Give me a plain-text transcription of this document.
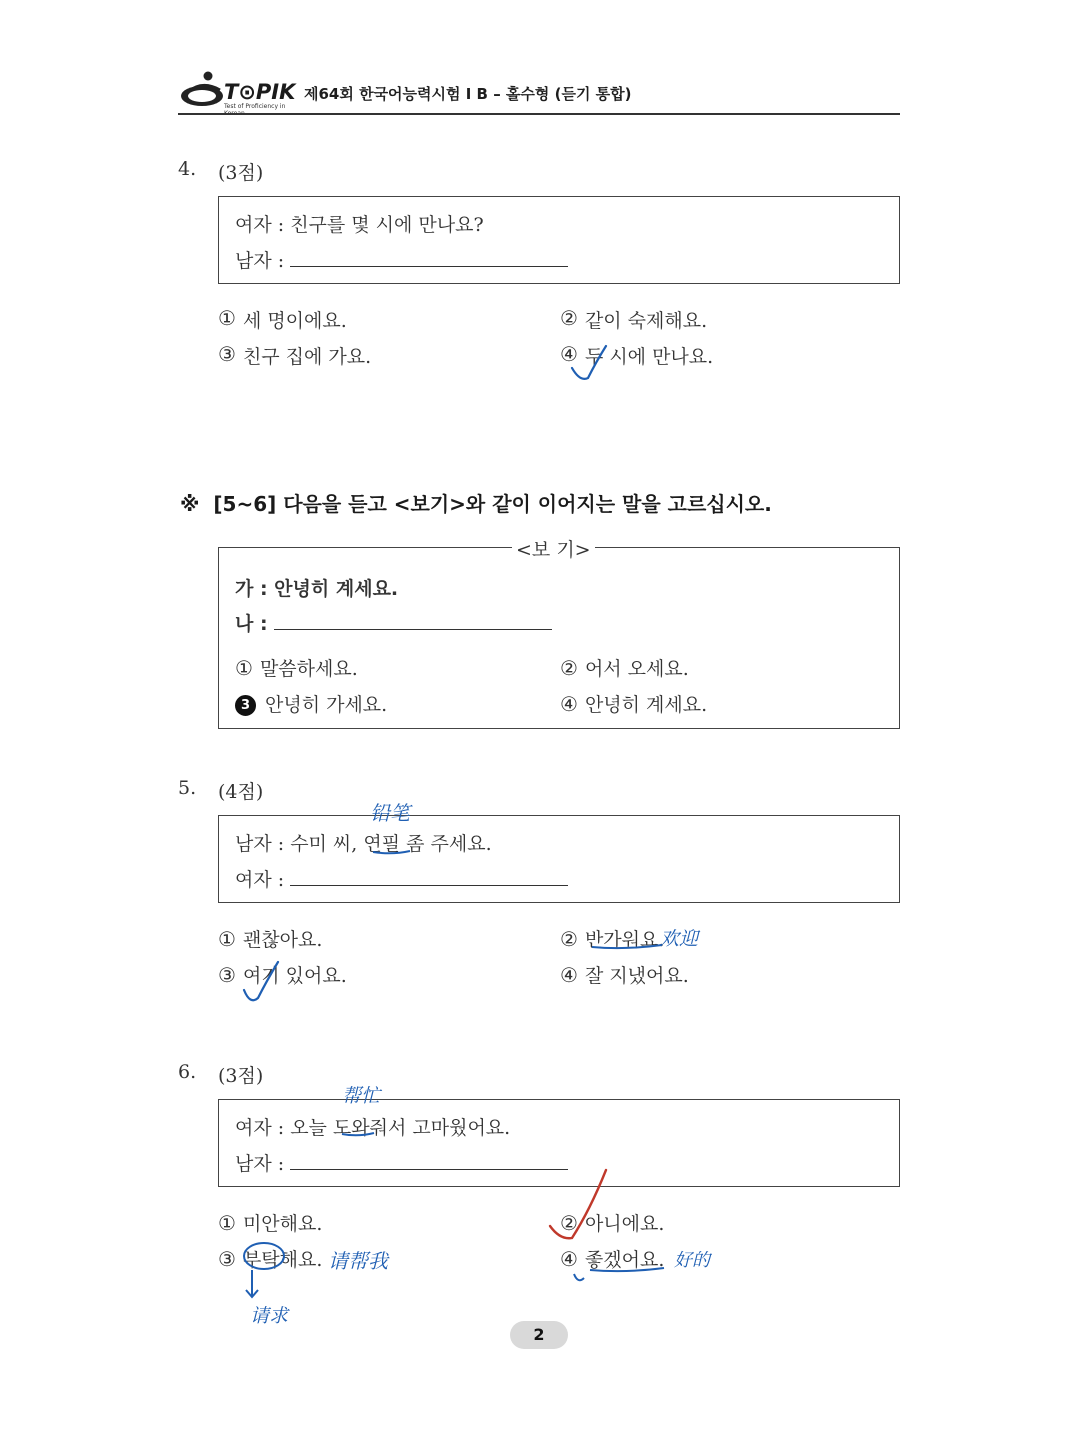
T⊙PIK
Test of Proficiency in
제64회 한국어능력시험 I B – 홀수형 (듣기 통합)
4. (3점)
여자 : 친구를 몇 시에 만나요?
남자 :
① 세 명이에요.	② 같이 숙제해요.
③ 친구 집에 가요.	④ 두 시에 만나요.
※ [5~6] 다음을 듣고 <보기>와 같이 이어지는 말을 고르십시오.
가 : 안녕히 계세요.
나 :
① 말씀하세요.	② 어서 오세요.
3 안녕히 가세요.	④ 안녕히 계세요.
<보 기>
5. (4점)
남자 : 수미 씨, 연필 좀 주세요.
여자 :
① 괜찮아요.	② 반가워요.
③ 여기 있어요.	④ 잘 지냈어요.
6. (3점)
여자 : 오늘 도와줘서 고마웠어요.
남자 :
① 미안해요.	② 아니에요.
③ 부탁해요.	④ 좋겠어요.
铅笔
欢迎
帮忙
请求
请帮我	好的
2
